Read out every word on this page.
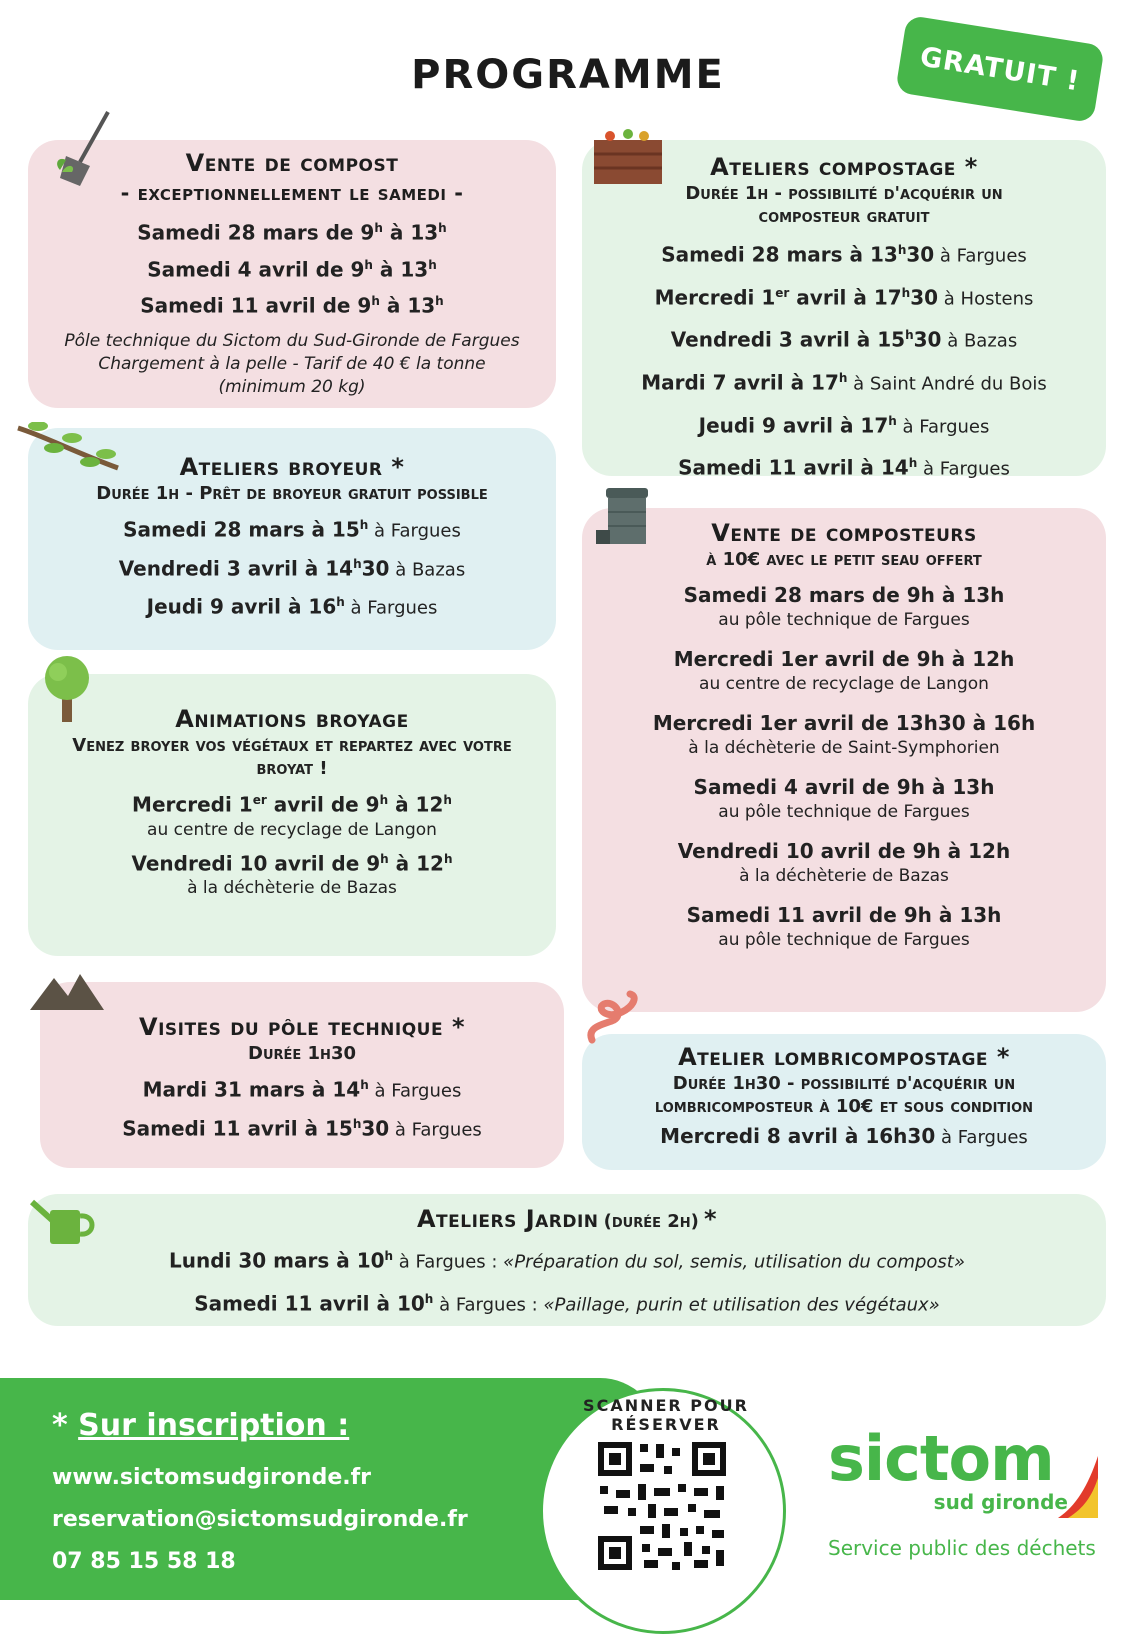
PROGRAMME	GRATUIT !
Vente de compost
- exceptionnellement le samedi -
Samedi 28 mars de 9$^h$ à 13$^h$
Samedi 4 avril de 9$^h$ à 13$^h$
Samedi 11 avril de 9$^h$ à 13$^h$
Pôle technique du Sictom du Sud-Gironde de Fargues
Chargement à la pelle - Tarif de 40 € la tonne
(minimum 20 kg)
Ateliers broyeur *
Durée 1h - Prêt de broyeur gratuit possible
Samedi 28 mars à 15$^h$ à Fargues
Vendredi 3 avril à 14$^h$30 à Bazas
Jeudi 9 avril à 16$^h$ à Fargues
Animations broyage
Venez broyer vos végétaux et repartez avec votre broyat !
Mercredi 1er avril de 9$^h$ à 12$^h$
au centre de recyclage de Langon
Vendredi 10 avril de 9$^h$ à 12$^h$
à la déchèterie de Bazas
Visites du pôle technique *
Durée 1h30
Mardi 31 mars à 14$^h$ à Fargues
Samedi 11 avril à 15$^h$30 à Fargues
Ateliers compostage *
Durée 1h - possibilité d'acquérir un composteur gratuit
Samedi 28 mars à 13$^h$30 à Fargues
Mercredi 1er avril à 17$^h$30 à Hostens
Vendredi 3 avril à 15$^h$30 à Bazas
Mardi 7 avril à 17$^h$ à Saint André du Bois
Jeudi 9 avril à 17$^h$ à Fargues
Samedi 11 avril à 14$^h$ à Fargues
Vente de composteurs
à 10€ avec le petit seau offert
Samedi 28 mars de 9h à 13h
au pôle technique de Fargues
Mercredi 1er avril de 9h à 12h
au centre de recyclage de Langon
Mercredi 1er avril de 13h30 à 16h
à la déchèterie de Saint-Symphorien
Samedi 4 avril de 9h à 13h
au pôle technique de Fargues
Vendredi 10 avril de 9h à 12h
à la déchèterie de Bazas
Samedi 11 avril de 9h à 13h
au pôle technique de Fargues
Atelier lombricompostage *
Durée 1h30 - possibilité d'acquérir un
lombricomposteur à 10€ et sous condition
Mercredi 8 avril à 16h30 à Fargues
Ateliers Jardin (durée 2h) *
Lundi 30 mars à 10$^h$ à Fargues : «Préparation du sol, semis, utilisation du compost»
Samedi 11 avril à 10$^h$ à Fargues : «Paillage, purin et utilisation des végétaux»
* Sur inscription :
www.sictomsudgironde.fr
reservation@sictomsudgironde.fr
07 85 15 58 18
SCANNER POUR RÉSERVER	sictom
sud gironde
Service public des déchets
